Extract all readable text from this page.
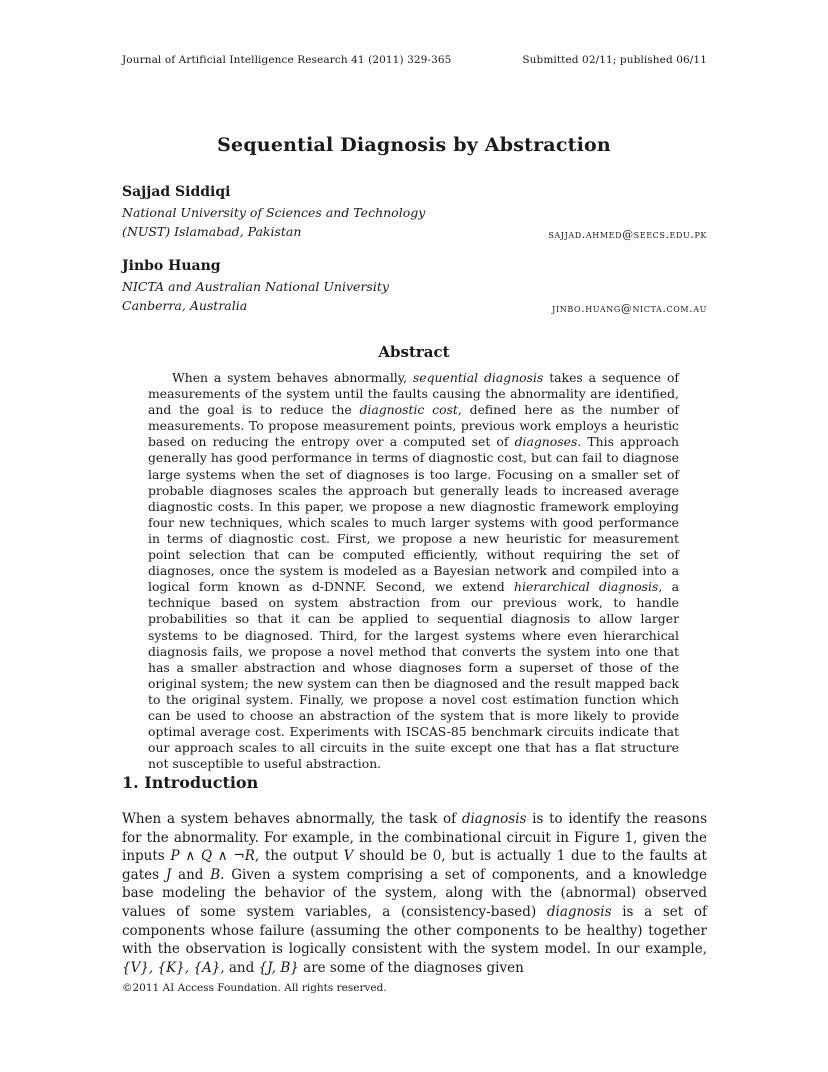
Journal of Artificial Intelligence Research 41 (2011) 329-365	Submitted 02/11; published 06/11
Sequential Diagnosis by Abstraction
Sajjad Siddiqi
National University of Sciences and Technology
(NUST) Islamabad, Pakistan	sajjad.ahmed@seecs.edu.pk
Jinbo Huang
NICTA and Australian National University
Canberra, Australia	jinbo.huang@nicta.com.au
Abstract

When a system behaves abnormally, sequential diagnosis takes a sequence of measurements of the system until the faults causing the abnormality are identified, and the goal is to reduce the diagnostic cost, defined here as the number of measurements. To propose measurement points, previous work employs a heuristic based on reducing the entropy over a computed set of diagnoses. This approach generally has good performance in terms of diagnostic cost, but can fail to diagnose large systems when the set of diagnoses is too large. Focusing on a smaller set of probable diagnoses scales the approach but generally leads to increased average diagnostic costs. In this paper, we propose a new diagnostic framework employing four new techniques, which scales to much larger systems with good performance in terms of diagnostic cost. First, we propose a new heuristic for measurement point selection that can be computed efficiently, without requiring the set of diagnoses, once the system is modeled as a Bayesian network and compiled into a logical form known as d-DNNF. Second, we extend hierarchical diagnosis, a technique based on system abstraction from our previous work, to handle probabilities so that it can be applied to sequential diagnosis to allow larger systems to be diagnosed. Third, for the largest systems where even hierarchical diagnosis fails, we propose a novel method that converts the system into one that has a smaller abstraction and whose diagnoses form a superset of those of the original system; the new system can then be diagnosed and the result mapped back to the original system. Finally, we propose a novel cost estimation function which can be used to choose an abstraction of the system that is more likely to provide optimal average cost. Experiments with ISCAS-85 benchmark circuits indicate that our approach scales to all circuits in the suite except one that has a flat structure not susceptible to useful abstraction.

1. Introduction

When a system behaves abnormally, the task of diagnosis is to identify the reasons for the abnormality. For example, in the combinational circuit in Figure 1, given the inputs P ∧ Q ∧ ¬R, the output V should be 0, but is actually 1 due to the faults at gates J and B. Given a system comprising a set of components, and a knowledge base modeling the behavior of the system, along with the (abnormal) observed values of some system variables, a (consistency-based) diagnosis is a set of components whose failure (assuming the other components to be healthy) together with the observation is logically consistent with the system model. In our example, {V}, {K}, {A}, and {J, B} are some of the diagnoses given

©2011 AI Access Foundation. All rights reserved.
